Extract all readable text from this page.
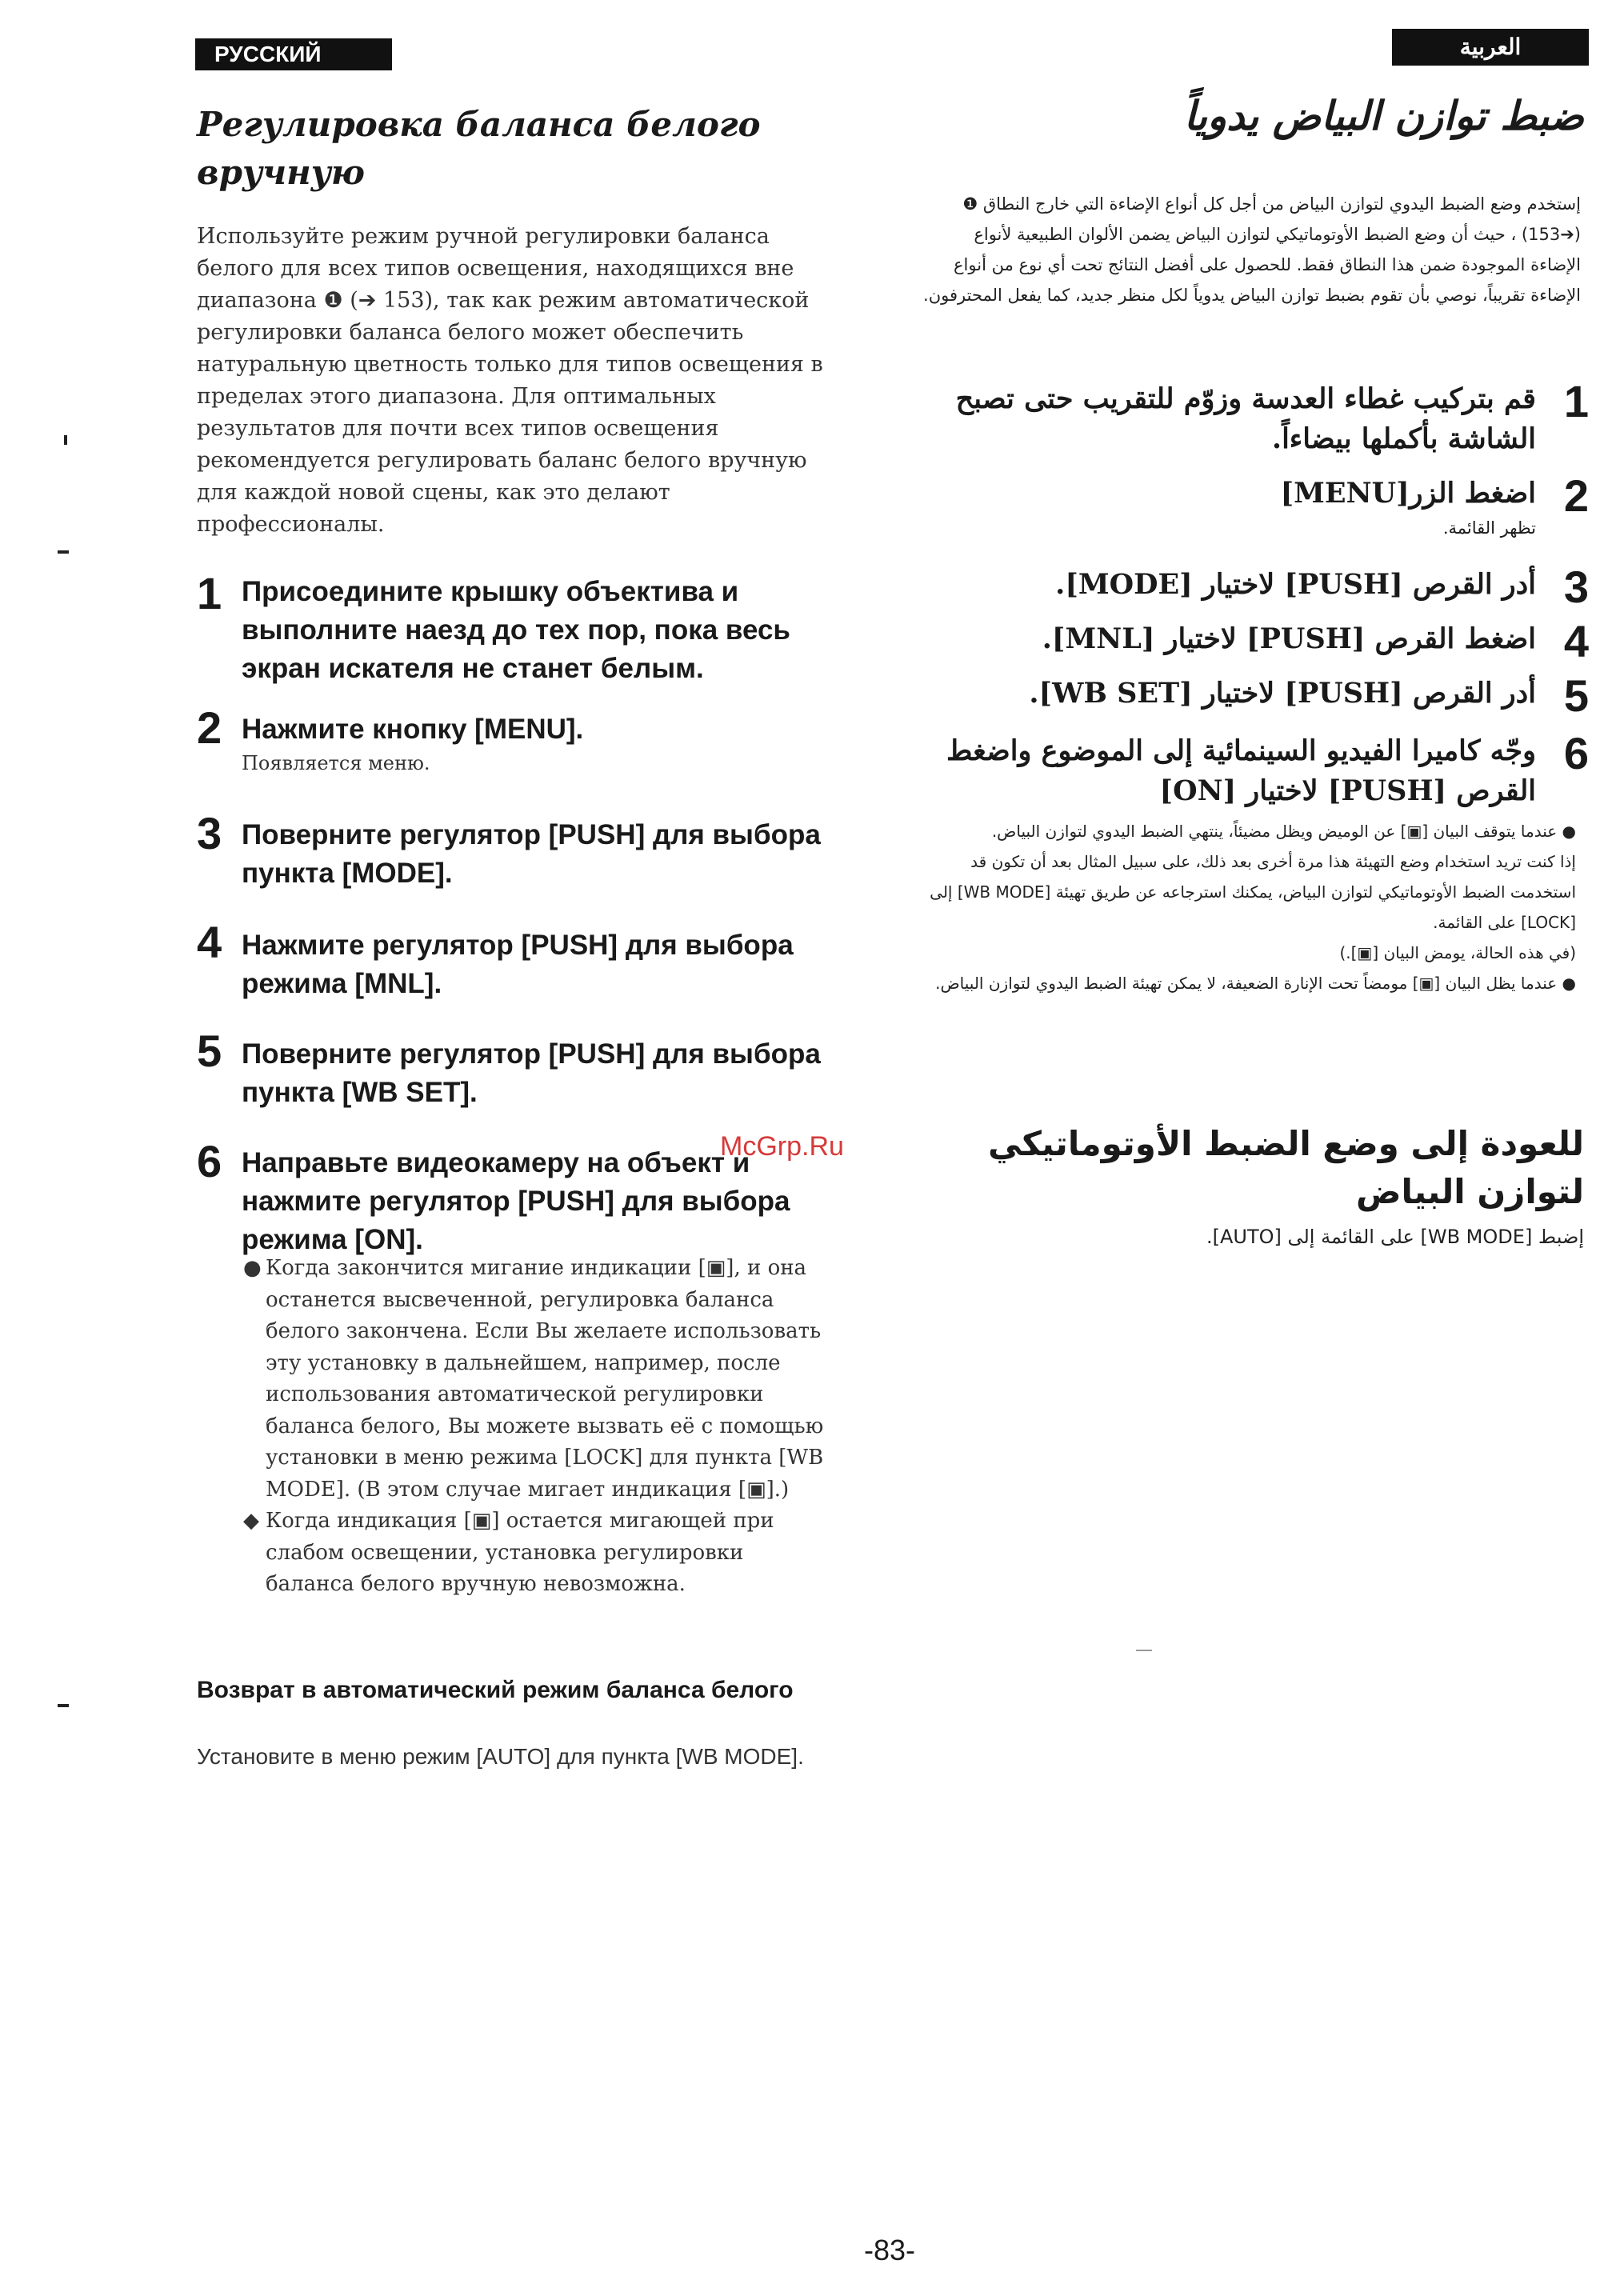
РУССКИЙ ЯЗЫК
العربية
Регулировка баланса белого вручную
Используйте режим ручной регулировки баланса белого для всех типов освещения, находящихся вне диапазона ❶ (➔ 153), так как режим автоматической регулировки баланса белого может обеспечить натуральную цветность только для типов освещения в пределах этого диапазона. Для оптимальных результатов для почти всех типов освещения рекомендуется регулировать баланс белого вручную для каждой новой сцены, как это делают профессионалы.
1 Присоедините крышку объектива и выполните наезд до тех пор, пока весь экран искателя не станет белым.
2 Нажмите кнопку [MENU].
Появляется меню.
3 Поверните регулятор [PUSH] для выбора пункта [MODE].
4 Нажмите регулятор [PUSH] для выбора режима [MNL].
5 Поверните регулятор [PUSH] для выбора пункта [WB SET].
6 Направьте видеокамеру на объект и нажмите регулятор [PUSH] для выбора режима [ON].
● Когда закончится мигание индикации [▣], и она останется высвеченной, регулировка баланса белого закончена. Если Вы желаете использовать эту установку в дальнейшем, например, после использования автоматической регулировки баланса белого, Вы можете вызвать её с помощью установки в меню режима [LOCK] для пункта [WB MODE]. (В этом случае мигает индикация [▣].)
◆ Когда индикация [▣] остается мигающей при слабом освещении, установка регулировки баланса белого вручную невозможна.
Возврат в автоматический режим баланса белого
Установите в меню режим [AUTO] для пункта [WB MODE].
ضبط توازن البياض يدوياً
إستخدم وضع الضبط اليدوي لتوازن البياض من أجل كل أنواع الإضاءة التي خارج النطاق ❶ (➔153) ، حيث أن وضع الضبط الأوتوماتيكي لتوازن البياض يضمن الألوان الطبيعية لأنواع الإضاءة الموجودة ضمن هذا النطاق فقط. للحصول على أفضل النتائج تحت أي نوع من أنواع الإضاءة تقريباً، نوصي بأن تقوم بضبط توازن البياض يدوياً لكل منظر جديد، كما يفعل المحترفون.
1
قم بتركيب غطاء العدسة وزوّم للتقريب حتى تصبح الشاشة بأكملها بيضاءاً.
2
اضغط الزر[MENU]
تظهر القائمة.
3
أدر القرص [PUSH] لاختيار [MODE].
4
اضغط القرص [PUSH] لاختيار [MNL].
5
أدر القرص [PUSH] لاختيار [WB SET].
6
وجّه كاميرا الفيديو السينمائية إلى الموضوع واضغط القرص [PUSH] لاختيار [ON]
● عندما يتوقف البيان [▣] عن الوميض ويظل مضيئاً، ينتهي الضبط اليدوي لتوازن البياض.
إذا كنت تريد استخدام وضع التهيئة هذا مرة أخرى بعد ذلك، على سبيل المثال بعد أن تكون قد استخدمت الضبط الأوتوماتيكي لتوازن البياض، يمكنك استرجاعه عن طريق تهيئة [WB MODE] إلى [LOCK] على القائمة.
(في هذه الحالة، يومض البيان [▣].)
● عندما يظل البيان [▣] مومضاً تحت الإنارة الضعيفة، لا يمكن تهيئة الضبط اليدوي لتوازن البياض.
للعودة إلى وضع الضبط الأوتوماتيكي لتوازن البياض
إضبط [WB MODE] على القائمة إلى [AUTO].
McGrp.Ru
-83-
